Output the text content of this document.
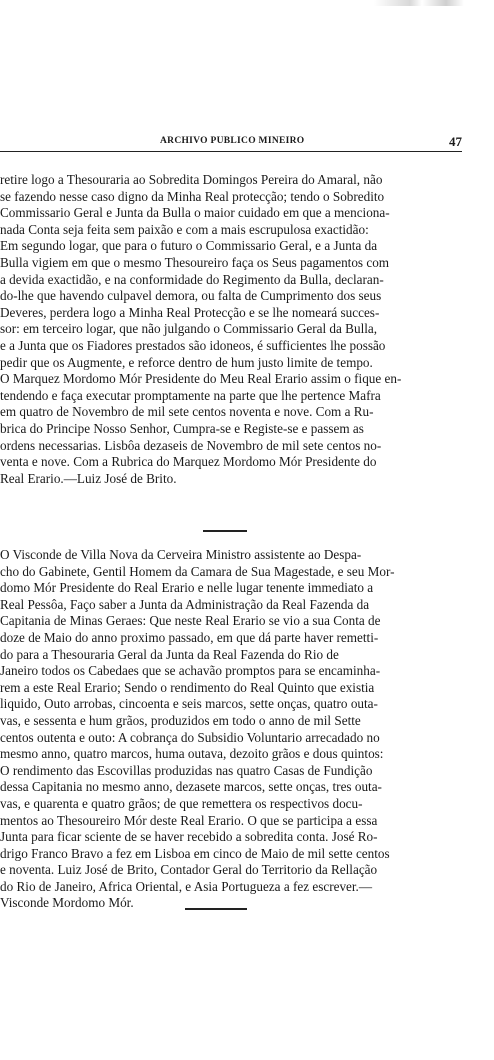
ARCHIVO PUBLICO MINEIRO	47
retire logo a Thesouraria ao Sobredita Domingos Pereira do Amaral, não
se fazendo nesse caso digno da Minha Real protecção; tendo o Sobredito
Commissario Geral e Junta da Bulla o maior cuidado em que a menciona-
nada Conta seja feita sem paixão e com a mais escrupulosa exactidão:
Em segundo logar, que para o futuro o Commissario Geral, e a Junta da
Bulla vigiem em que o mesmo Thesoureiro faça os Seus pagamentos com
a devida exactidão, e na conformidade do Regimento da Bulla, declaran-
do-lhe que havendo culpavel demora, ou falta de Cumprimento dos seus
Deveres, perdera logo a Minha Real Protecção e se lhe nomeará succes-
sor: em terceiro logar, que não julgando o Commissario Geral da Bulla,
e a Junta que os Fiadores prestados são idoneos, é sufficientes lhe possão
pedir que os Augmente, e reforce dentro de hum justo limite de tempo.
O Marquez Mordomo Mór Presidente do Meu Real Erario assim o fique en-
tendendo e faça executar promptamente na parte que lhe pertence Mafra
em quatro de Novembro de mil sete centos noventa e nove. Com a Ru-
brica do Principe Nosso Senhor, Cumpra-se e Registe-se e passem as
ordens necessarias. Lisbôa dezaseis de Novembro de mil sete centos no-
venta e nove. Com a Rubrica do Marquez Mordomo Mór Presidente do
Real Erario.—Luiz José de Brito.
O Visconde de Villa Nova da Cerveira Ministro assistente ao Despa-
cho do Gabinete, Gentil Homem da Camara de Sua Magestade, e seu Mor-
domo Mór Presidente do Real Erario e nelle lugar tenente immediato a
Real Pessôa, Faço saber a Junta da Administração da Real Fazenda da
Capitania de Minas Geraes: Que neste Real Erario se vio a sua Conta de
doze de Maio do anno proximo passado, em que dá parte haver remetti-
do para a Thesouraria Geral da Junta da Real Fazenda do Rio de
Janeiro todos os Cabedaes que se achavão promptos para se encaminha-
rem a este Real Erario; Sendo o rendimento do Real Quinto que existia
liquido, Outo arrobas, cincoenta e seis marcos, sette onças, quatro outa-
vas, e sessenta e hum grãos, produzidos em todo o anno de mil Sette
centos outenta e outo: A cobrança do Subsidio Voluntario arrecadado no
mesmo anno, quatro marcos, huma outava, dezoito grãos e dous quintos:
O rendimento das Escovillas produzidas nas quatro Casas de Fundição
dessa Capitania no mesmo anno, dezasete marcos, sette onças, tres outa-
vas, e quarenta e quatro grãos; de que remettera os respectivos docu-
mentos ao Thesoureiro Mór deste Real Erario. O que se participa a essa
Junta para ficar sciente de se haver recebido a sobredita conta. José Ro-
drigo Franco Bravo a fez em Lisboa em cinco de Maio de mil sette centos
e noventa. Luiz José de Brito, Contador Geral do Territorio da Rellação
do Rio de Janeiro, Africa Oriental, e Asia Portugueza a fez escrever.—
Visconde Mordomo Mór.
